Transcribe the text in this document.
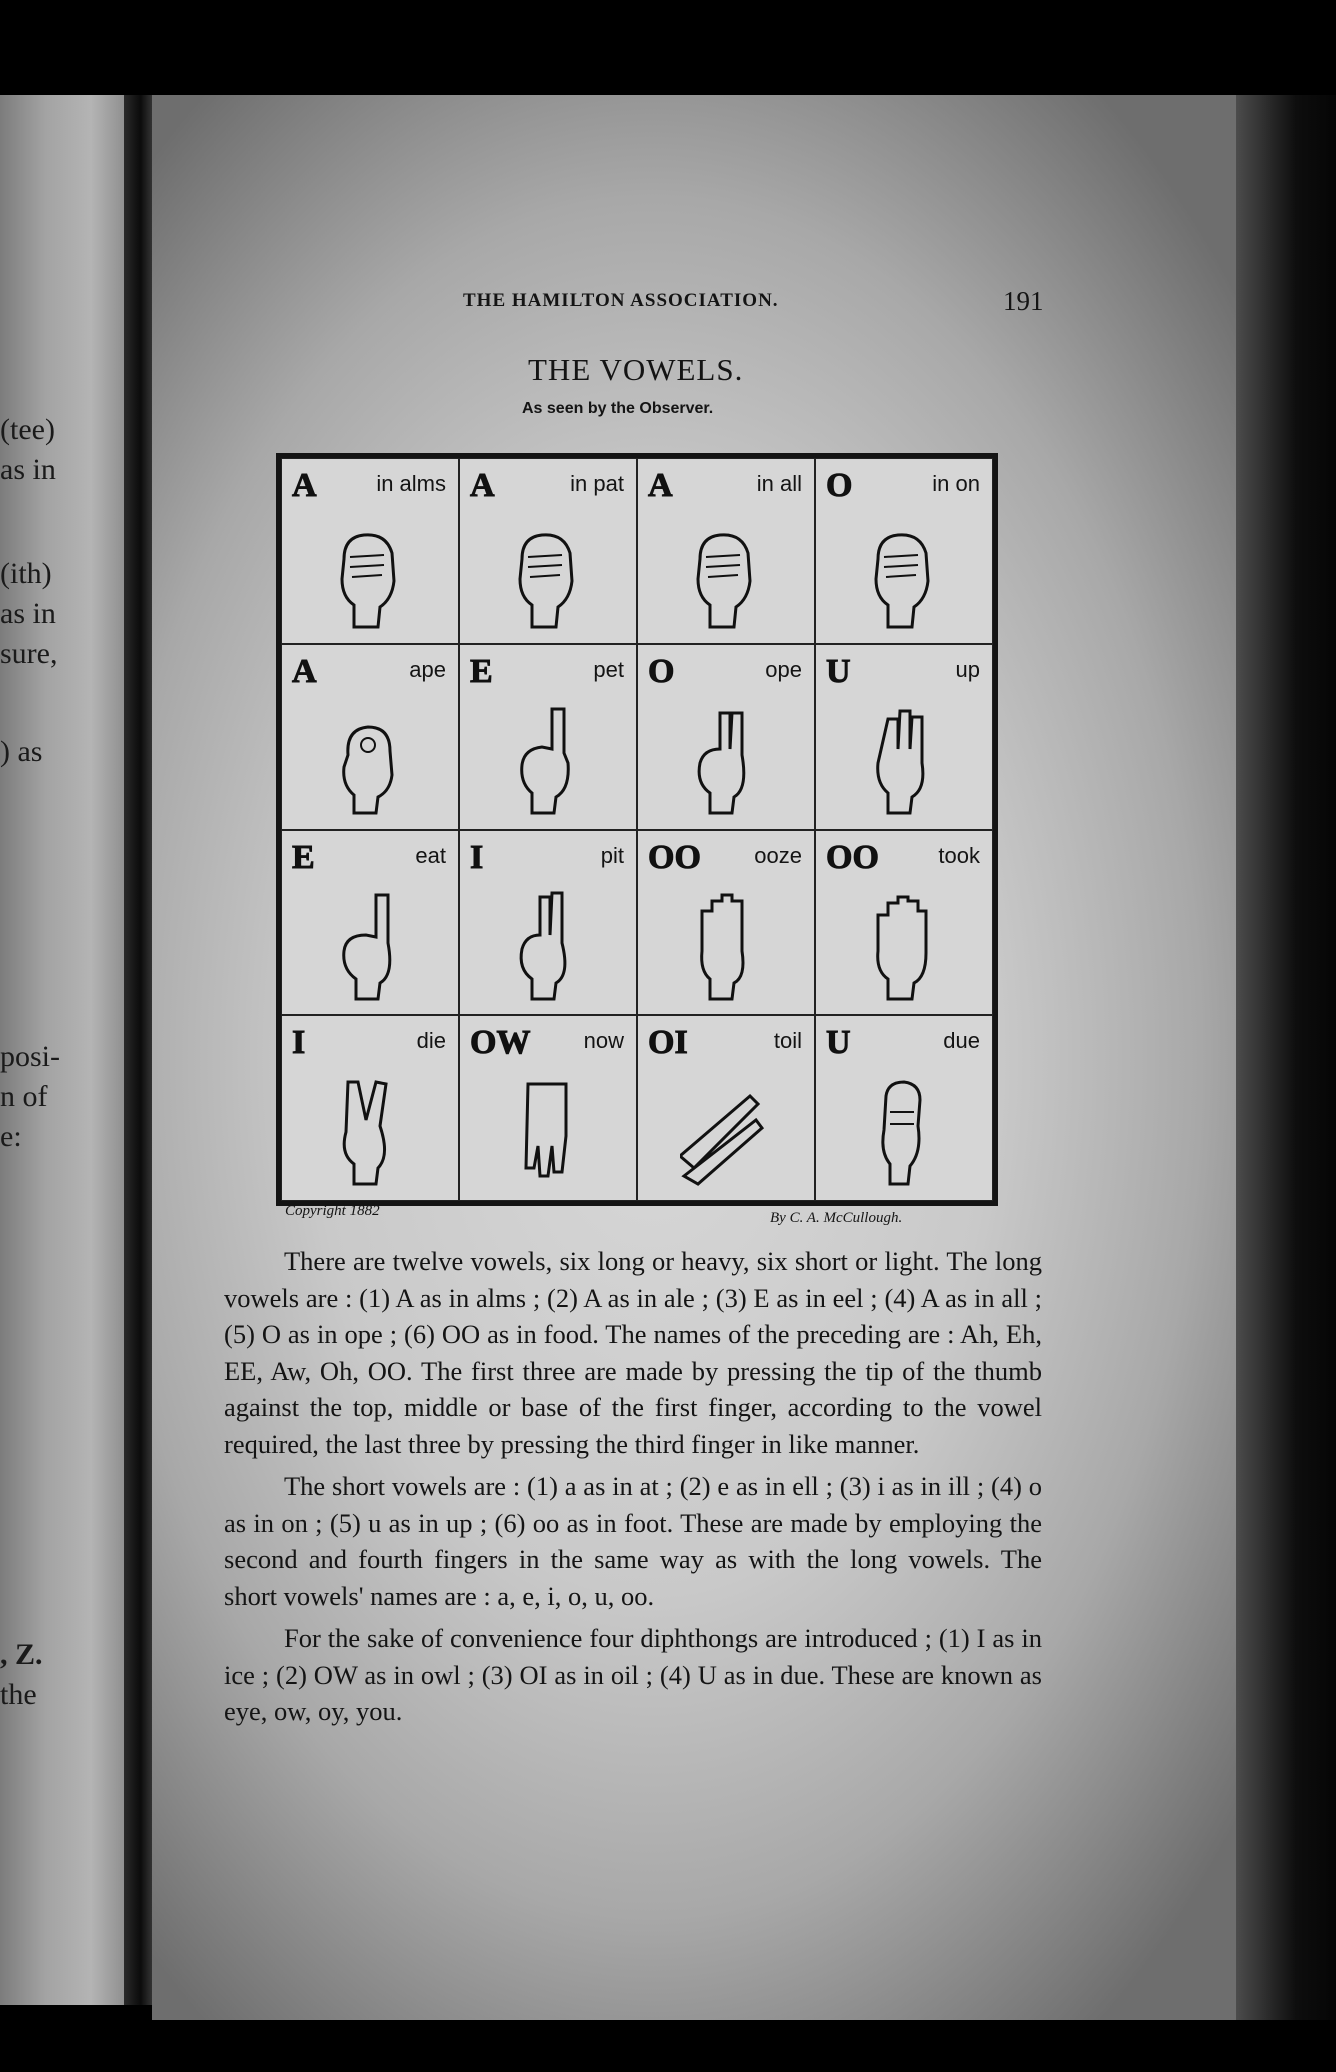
(tee)
as in
(ith)
as in
sure,
) as
posi-
n of
e:
, Z.
the
THE HAMILTON ASSOCIATION.	191
THE VOWELS.
As seen by the Observer.
A	in alms A	in pat A	in all O	in on
A	ape E	pet O	ope U	up
E	eat I	pit OO ooze OO	took
I	die OW now OI	toil U	due
Copyright 1882	By C. A. McCullough.

There are twelve vowels, six long or heavy, six short or light. The long vowels are : (1) A as in alms ; (2) A as in ale ; (3) E as in eel ; (4) A as in all ; (5) O as in ope ; (6) OO as in food. The names of the preceding are : Ah, Eh, EE, Aw, Oh, OO. The first three are made by pressing the tip of the thumb against the top, middle or base of the first finger, according to the vowel required, the last three by pressing the third finger in like manner.

The short vowels are : (1) a as in at ; (2) e as in ell ; (3) i as in ill ; (4) o as in on ; (5) u as in up ; (6) oo as in foot. These are made by employing the second and fourth fingers in the same way as with the long vowels. The short vowels' names are : a, e, i, o, u, oo.

For the sake of convenience four diphthongs are introduced ; (1) I as in ice ; (2) OW as in owl ; (3) OI as in oil ; (4) U as in due. These are known as eye, ow, oy, you.
